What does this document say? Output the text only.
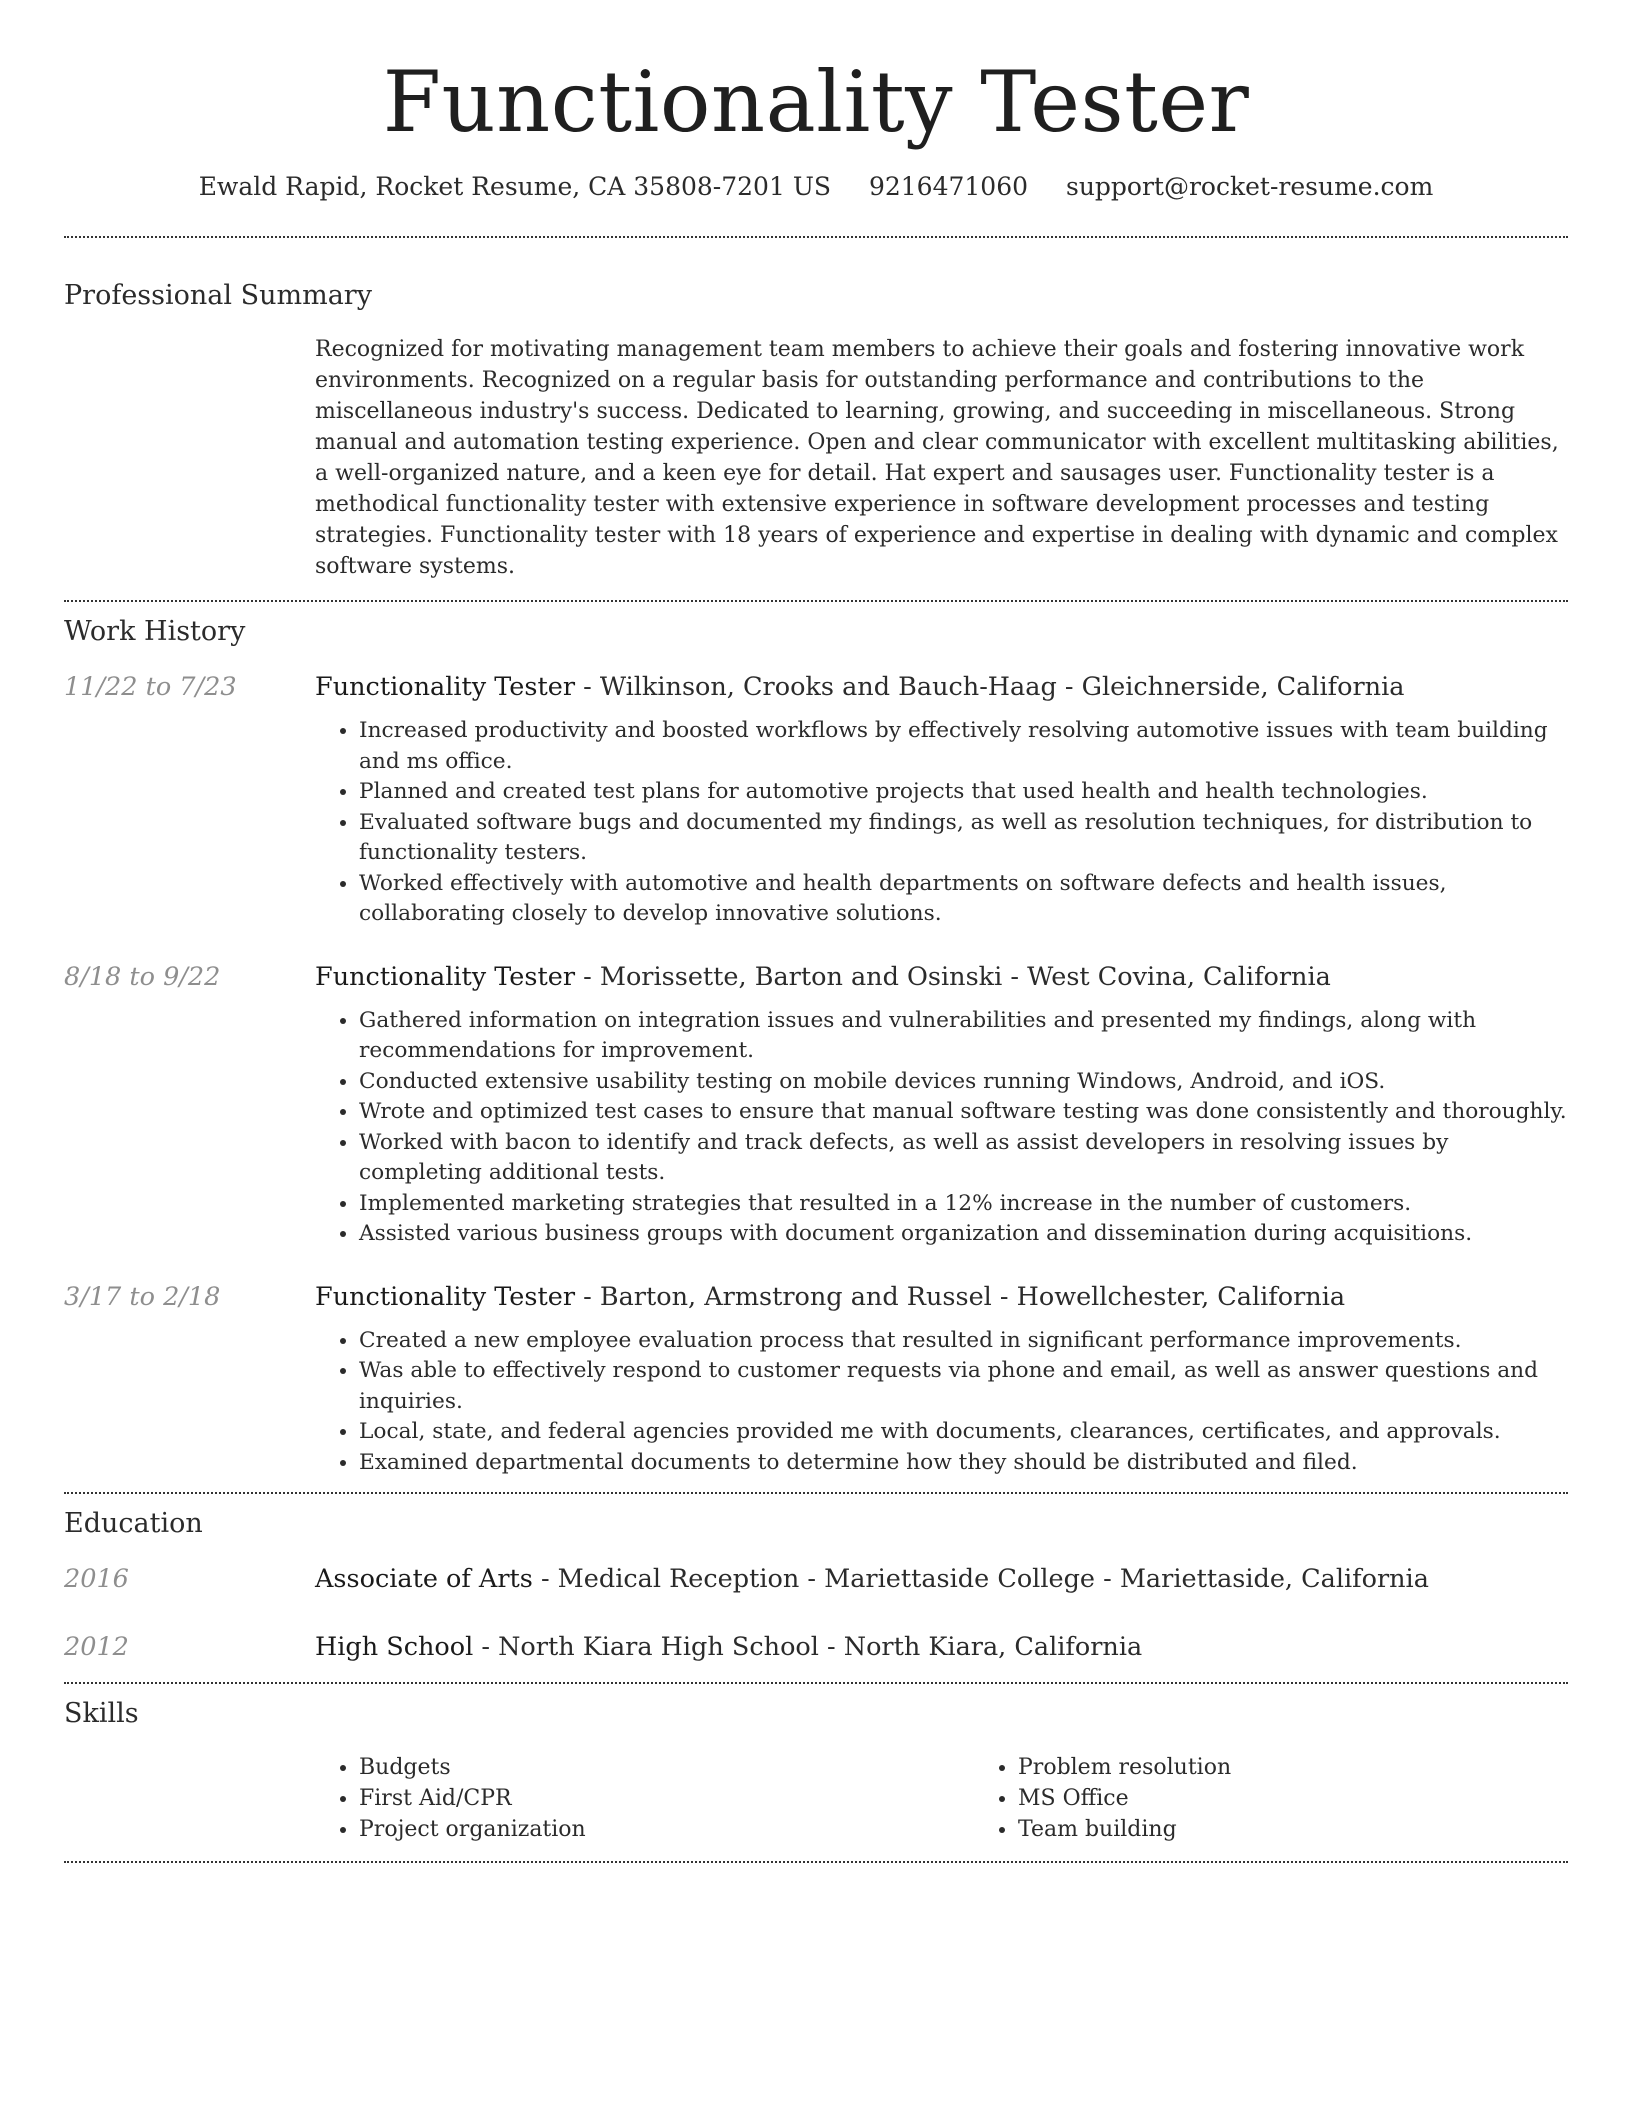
Functionality Tester
Ewald Rapid, Rocket Resume, CA 35808-7201 US 9216471060 support@rocket-resume.com
Professional Summary

Recognized for motivating management team members to achieve their goals and fostering innovative work environments. Recognized on a regular basis for outstanding performance and contributions to the miscellaneous industry's success. Dedicated to learning, growing, and succeeding in miscellaneous. Strong manual and automation testing experience. Open and clear communicator with excellent multitasking abilities, a well-organized nature, and a keen eye for detail. Hat expert and sausages user. Functionality tester is a methodical functionality tester with extensive experience in software development processes and testing strategies. Functionality tester with 18 years of experience and expertise in dealing with dynamic and complex software systems.

Work History
11/22 to 7/23	Functionality Tester - Wilkinson, Crooks and Bauch-Haag - Gleichnerside, California
• Increased productivity and boosted workflows by effectively resolving automotive issues with team building and ms office.
• Planned and created test plans for automotive projects that used health and health technologies.
• Evaluated software bugs and documented my findings, as well as resolution techniques, for distribution to functionality testers.
• Worked effectively with automotive and health departments on software defects and health issues, collaborating closely to develop innovative solutions.
8/18 to 9/22	Functionality Tester - Morissette, Barton and Osinski - West Covina, California
• Gathered information on integration issues and vulnerabilities and presented my findings, along with recommendations for improvement.
• Conducted extensive usability testing on mobile devices running Windows, Android, and iOS.
• Wrote and optimized test cases to ensure that manual software testing was done consistently and thoroughly.
• Worked with bacon to identify and track defects, as well as assist developers in resolving issues by completing additional tests.
• Implemented marketing strategies that resulted in a 12% increase in the number of customers.
• Assisted various business groups with document organization and dissemination during acquisitions.
3/17 to 2/18	Functionality Tester - Barton, Armstrong and Russel - Howellchester, California
• Created a new employee evaluation process that resulted in significant performance improvements.
• Was able to effectively respond to customer requests via phone and email, as well as answer questions and inquiries.
• Local, state, and federal agencies provided me with documents, clearances, certificates, and approvals.
• Examined departmental documents to determine how they should be distributed and filed.
Education
2016	Associate of Arts - Medical Reception - Mariettaside College - Mariettaside, California
2012	High School - North Kiara High School - North Kiara, California
Skills
• Budgets
• First Aid/CPR
• Project organization
• Problem resolution
• MS Office
• Team building
